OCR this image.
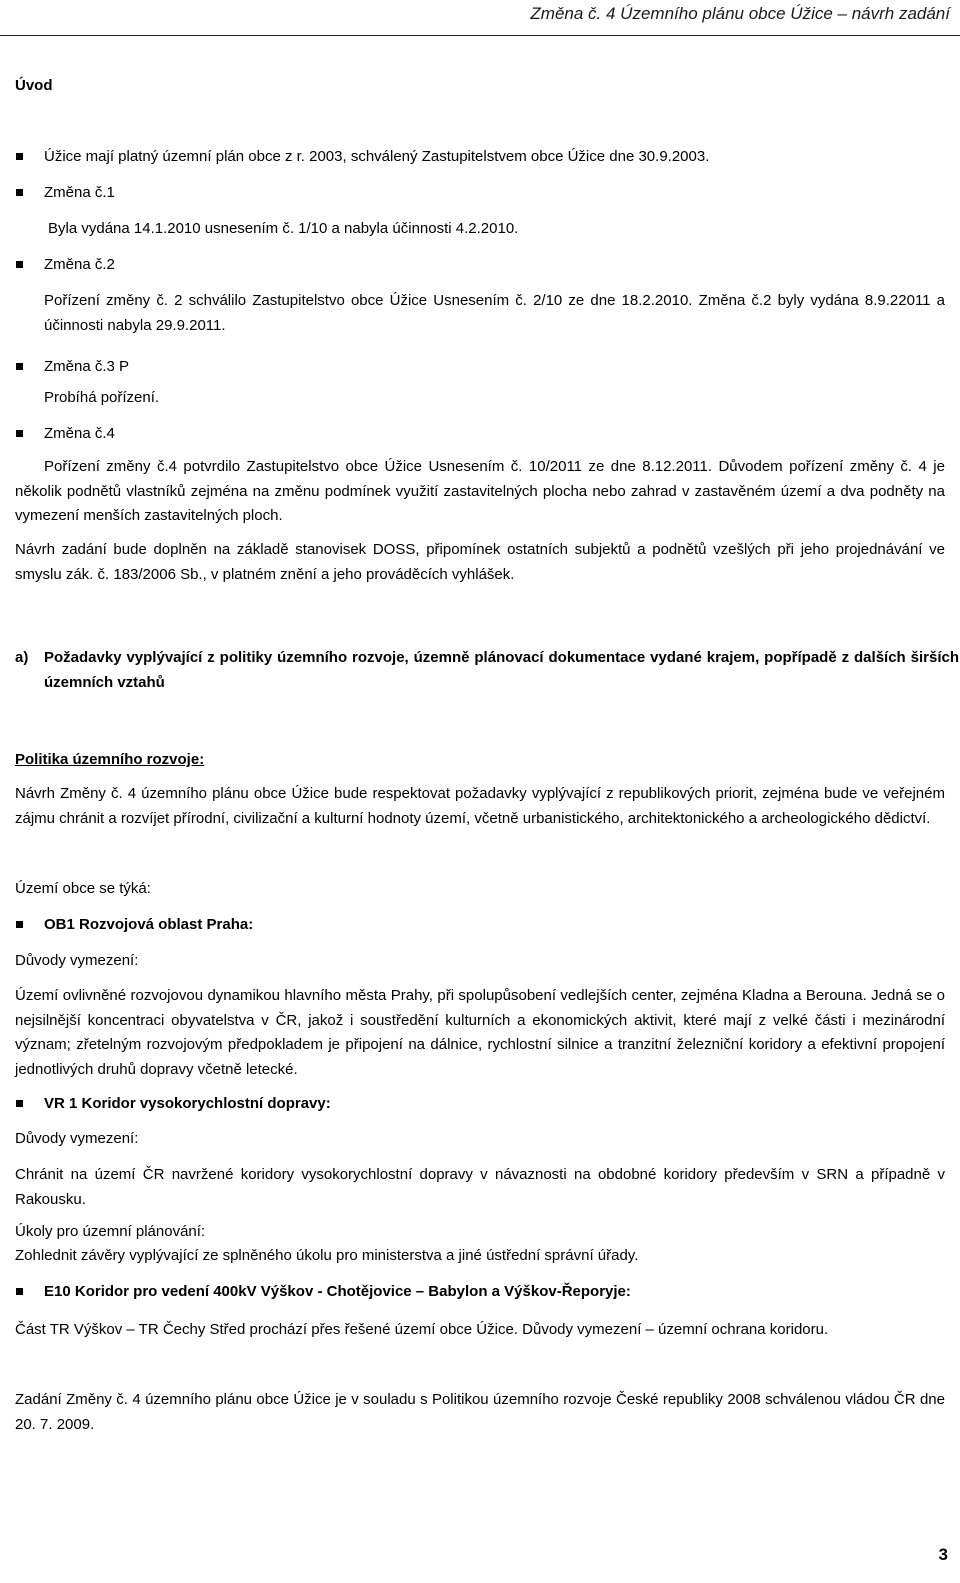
Změna č. 4 Územního plánu obce Úžice – návrh zadání

Úvod

Úžice mají platný územní plán obce z r. 2003, schválený Zastupitelstvem obce Úžice dne 30.9.2003.

Změna č.1

Byla vydána 14.1.2010 usnesením č. 1/10 a nabyla účinnosti 4.2.2010.

Změna č.2

Pořízení změny č. 2 schválilo Zastupitelstvo obce Úžice Usnesením č. 2/10 ze dne 18.2.2010. Změna č.2 byly vydána 8.9.22011 a účinnosti nabyla 29.9.2011.

Změna č.3 P

Probíhá pořízení.

Změna č.4

Pořízení změny č.4 potvrdilo Zastupitelstvo obce Úžice Usnesením č. 10/2011 ze dne 8.12.2011. Důvodem pořízení změny č. 4 je několik podnětů vlastníků zejména na změnu podmínek využití zastavitelných plocha nebo zahrad v zastavěném území a dva podněty na vymezení menších zastavitelných ploch.

Návrh zadání bude doplněn na základě stanovisek DOSS, připomínek ostatních subjektů a podnětů vzešlých při jeho projednávání ve smyslu zák. č. 183/2006 Sb., v platném znění a jeho prováděcích vyhlášek.

a) Požadavky vyplývající z politiky územního rozvoje, územně plánovací dokumentace vydané krajem, popřípadě z dalších širších územních vztahů

Politika územního rozvoje:

Návrh Změny č. 4 územního plánu obce Úžice bude respektovat požadavky vyplývající z republikových priorit, zejména bude ve veřejném zájmu chránit a rozvíjet přírodní, civilizační a kulturní hodnoty území, včetně urbanistického, architektonického a archeologického dědictví.

Území obce se týká:

OB1 Rozvojová oblast Praha:

Důvody vymezení:

Území ovlivněné rozvojovou dynamikou hlavního města Prahy, při spolupůsobení vedlejších center, zejména Kladna a Berouna. Jedná se o nejsilnější koncentraci obyvatelstva v ČR, jakož i soustředění kulturních a ekonomických aktivit, které mají z velké části i mezinárodní význam; zřetelným rozvojovým předpokladem je připojení na dálnice, rychlostní silnice a tranzitní železniční koridory a efektivní propojení jednotlivých druhů dopravy včetně letecké.

VR 1 Koridor vysokorychlostní dopravy:

Důvody vymezení:

Chránit na území ČR navržené koridory vysokorychlostní dopravy v návaznosti na obdobné koridory především v SRN a případně v Rakousku.

Úkoly pro územní plánování:

Zohlednit závěry vyplývající ze splněného úkolu pro ministerstva a jiné ústřední správní úřady.

E10 Koridor pro vedení 400kV Výškov - Chotějovice – Babylon a Výškov-Řeporyje:

Část TR Výškov – TR Čechy Střed prochází přes řešené území obce Úžice. Důvody vymezení – územní ochrana koridoru.

Zadání Změny č. 4 územního plánu obce Úžice je v souladu s Politikou územního rozvoje České republiky 2008 schválenou vládou ČR dne 20. 7. 2009.

3
